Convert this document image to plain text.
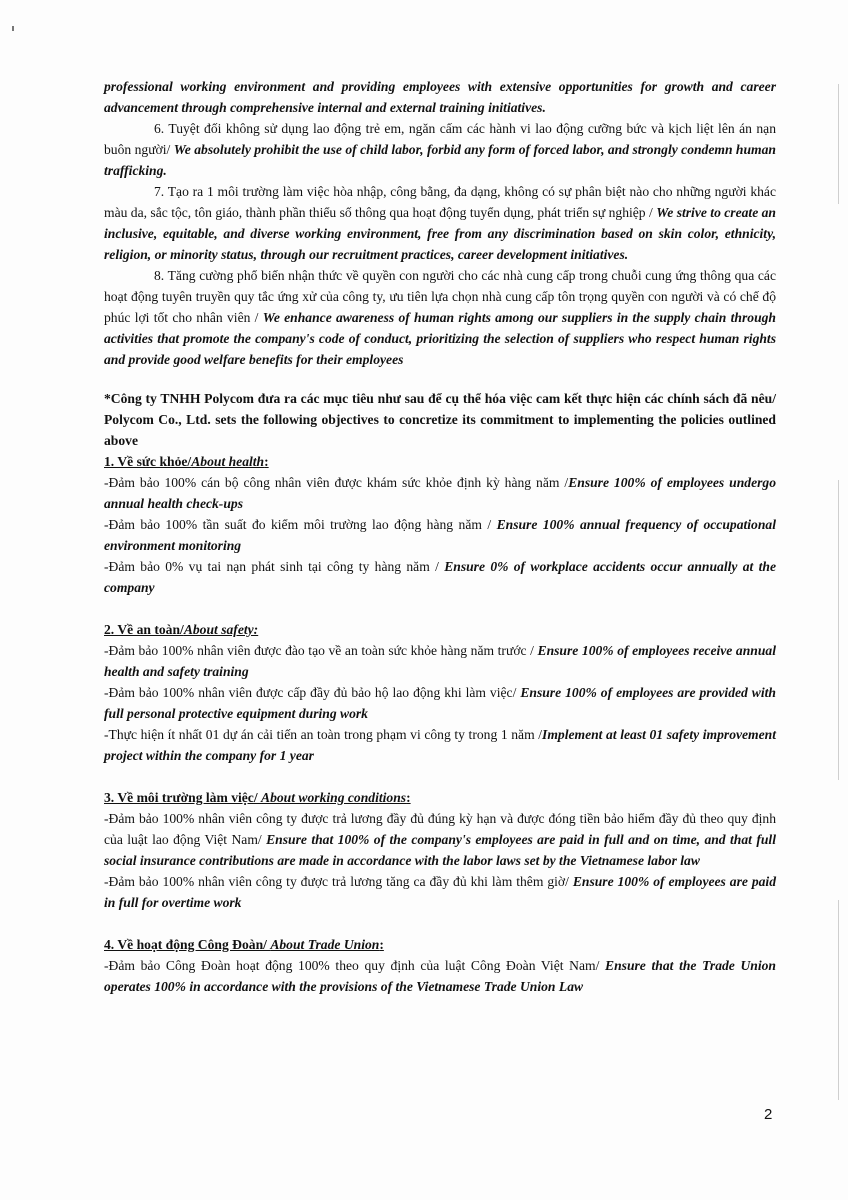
professional working environment and providing employees with extensive opportunities for growth and career advancement through comprehensive internal and external training initiatives.

6. Tuyệt đối không sử dụng lao động trẻ em, ngăn cấm các hành vi lao động cưỡng bức và kịch liệt lên án nạn buôn người/ We absolutely prohibit the use of child labor, forbid any form of forced labor, and strongly condemn human trafficking.

7. Tạo ra 1 môi trường làm việc hòa nhập, công bằng, đa dạng, không có sự phân biệt nào cho những người khác màu da, sắc tộc, tôn giáo, thành phần thiểu số thông qua hoạt động tuyển dụng, phát triển sự nghiệp / We strive to create an inclusive, equitable, and diverse working environment, free from any discrimination based on skin color, ethnicity, religion, or minority status, through our recruitment practices, career development initiatives.

8. Tăng cường phổ biến nhận thức về quyền con người cho các nhà cung cấp trong chuỗi cung ứng thông qua các hoạt động tuyên truyền quy tắc ứng xử của công ty, ưu tiên lựa chọn nhà cung cấp tôn trọng quyền con người và có chế độ phúc lợi tốt cho nhân viên / We enhance awareness of human rights among our suppliers in the supply chain through activities that promote the company's code of conduct, prioritizing the selection of suppliers who respect human rights and provide good welfare benefits for their employees

*Công ty TNHH Polycom đưa ra các mục tiêu như sau để cụ thể hóa việc cam kết thực hiện các chính sách đã nêu/ Polycom Co., Ltd. sets the following objectives to concretize its commitment to implementing the policies outlined above

1. Về sức khỏe/About health:

-Đảm bảo 100% cán bộ công nhân viên được khám sức khỏe định kỳ hàng năm /Ensure 100% of employees undergo annual health check-ups

-Đảm bảo 100% tần suất đo kiểm môi trường lao động hàng năm / Ensure 100% annual frequency of occupational environment monitoring

-Đảm bảo 0% vụ tai nạn phát sinh tại công ty hàng năm / Ensure 0% of workplace accidents occur annually at the company

2. Về an toàn/About safety:

-Đảm bảo 100% nhân viên được đào tạo về an toàn sức khỏe hàng năm trước / Ensure 100% of employees receive annual health and safety training

-Đảm bảo 100% nhân viên được cấp đầy đủ bảo hộ lao động khi làm việc/ Ensure 100% of employees are provided with full personal protective equipment during work

-Thực hiện ít nhất 01 dự án cải tiến an toàn trong phạm vi công ty trong 1 năm /Implement at least 01 safety improvement project within the company for 1 year

3. Về môi trường làm việc/ About working conditions:

-Đảm bảo 100% nhân viên công ty được trả lương đầy đủ đúng kỳ hạn và được đóng tiền bảo hiểm đầy đủ theo quy định của luật lao động Việt Nam/ Ensure that 100% of the company's employees are paid in full and on time, and that full social insurance contributions are made in accordance with the labor laws set by the Vietnamese labor law

-Đảm bảo 100% nhân viên công ty được trả lương tăng ca đầy đủ khi làm thêm giờ/ Ensure 100% of employees are paid in full for overtime work

4. Về hoạt động Công Đoàn/ About Trade Union:

-Đảm bảo Công Đoàn hoạt động 100% theo quy định của luật Công Đoàn Việt Nam/ Ensure that the Trade Union operates 100% in accordance with the provisions of the Vietnamese Trade Union Law

2
